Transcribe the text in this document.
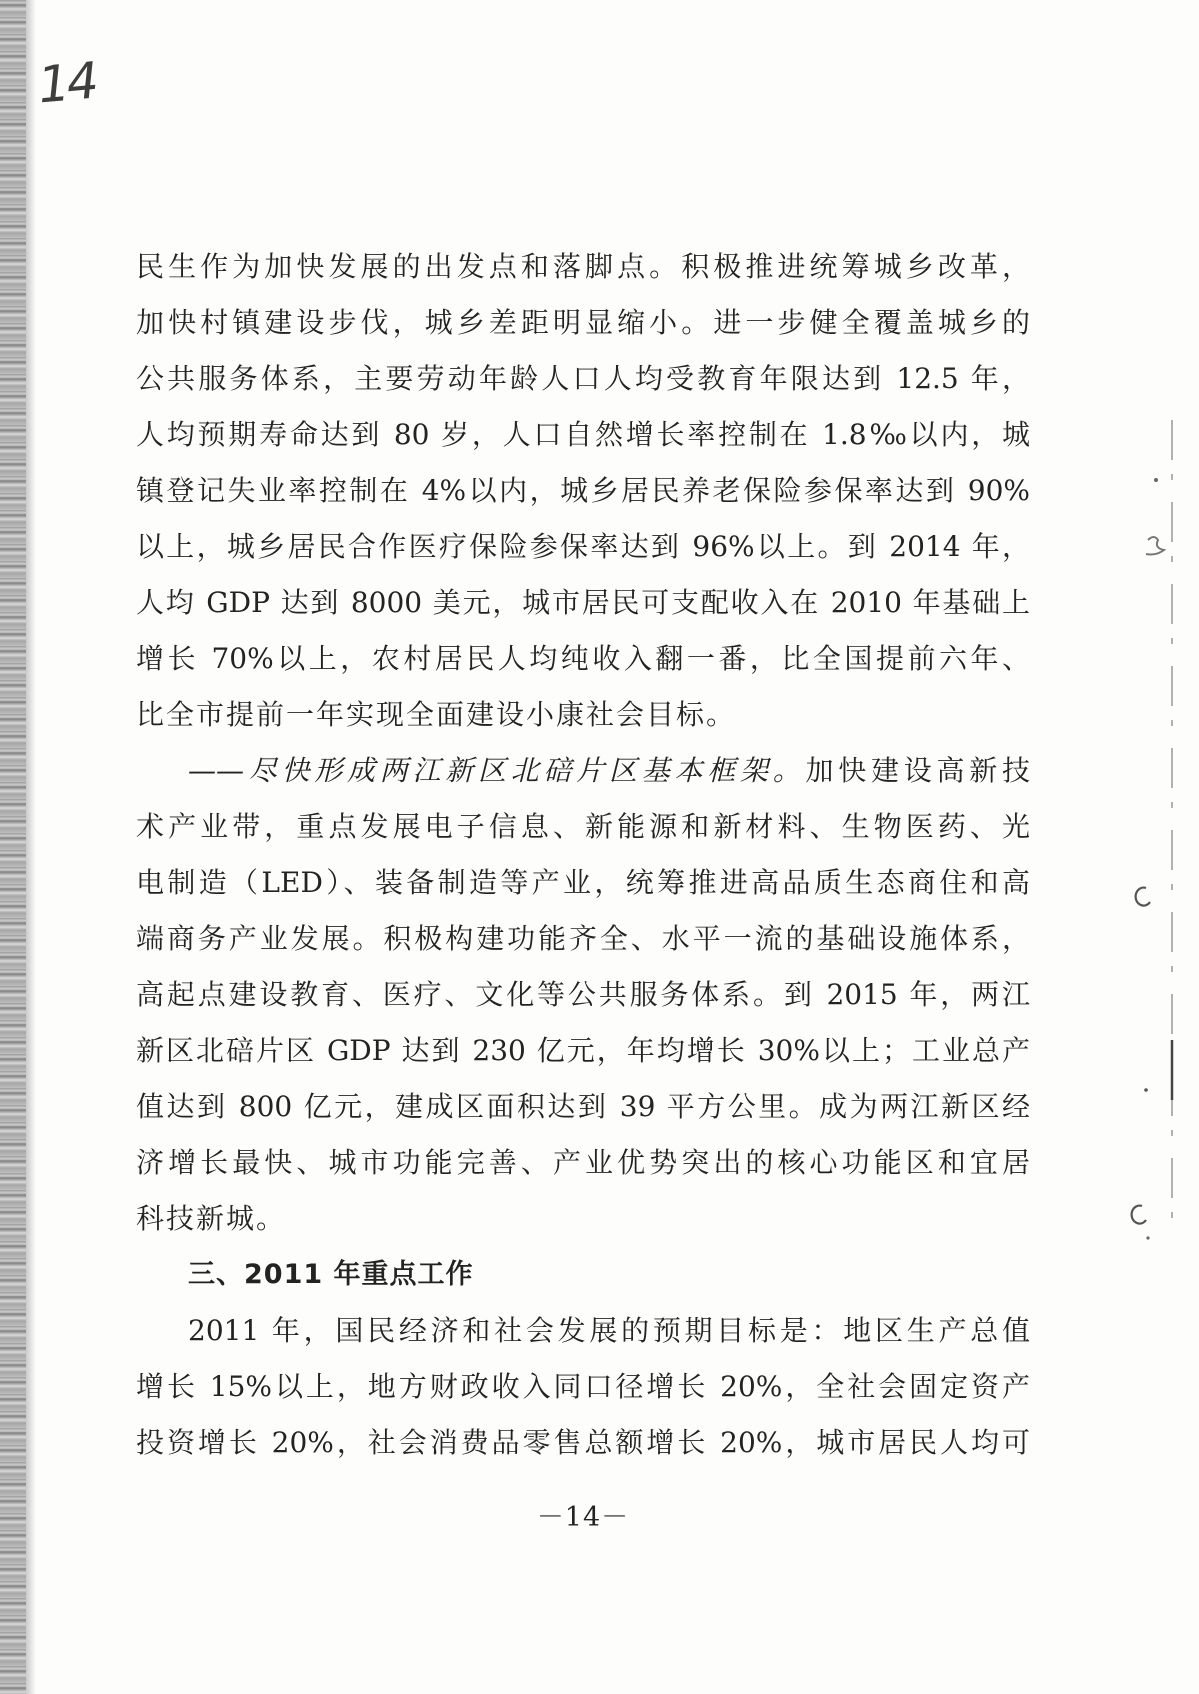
14
民生作为加快发展的出发点和落脚点。积极推进统筹城乡改革，
加快村镇建设步伐，城乡差距明显缩小。进一步健全覆盖城乡的
公共服务体系，主要劳动年龄人口人均受教育年限达到 12.5 年，
人均预期寿命达到 80 岁，人口自然增长率控制在 1.8‰以内，城
镇登记失业率控制在 4%以内，城乡居民养老保险参保率达到 90%
以上，城乡居民合作医疗保险参保率达到 96%以上。到 2014 年，
人均 GDP 达到 8000 美元，城市居民可支配收入在 2010 年基础上
增长 70%以上，农村居民人均纯收入翻一番，比全国提前六年、
比全市提前一年实现全面建设小康社会目标。
——尽快形成两江新区北碚片区基本框架。加快建设高新技
术产业带，重点发展电子信息、新能源和新材料、生物医药、光
电制造（LED）、装备制造等产业，统筹推进高品质生态商住和高
端商务产业发展。积极构建功能齐全、水平一流的基础设施体系，
高起点建设教育、医疗、文化等公共服务体系。到 2015 年，两江
新区北碚片区 GDP 达到 230 亿元，年均增长 30%以上；工业总产
值达到 800 亿元，建成区面积达到 39 平方公里。成为两江新区经
济增长最快、城市功能完善、产业优势突出的核心功能区和宜居
科技新城。
三、2011 年重点工作
2011 年，国民经济和社会发展的预期目标是：地区生产总值
增长 15%以上，地方财政收入同口径增长 20%，全社会固定资产
投资增长 20%，社会消费品零售总额增长 20%，城市居民人均可
－14－
